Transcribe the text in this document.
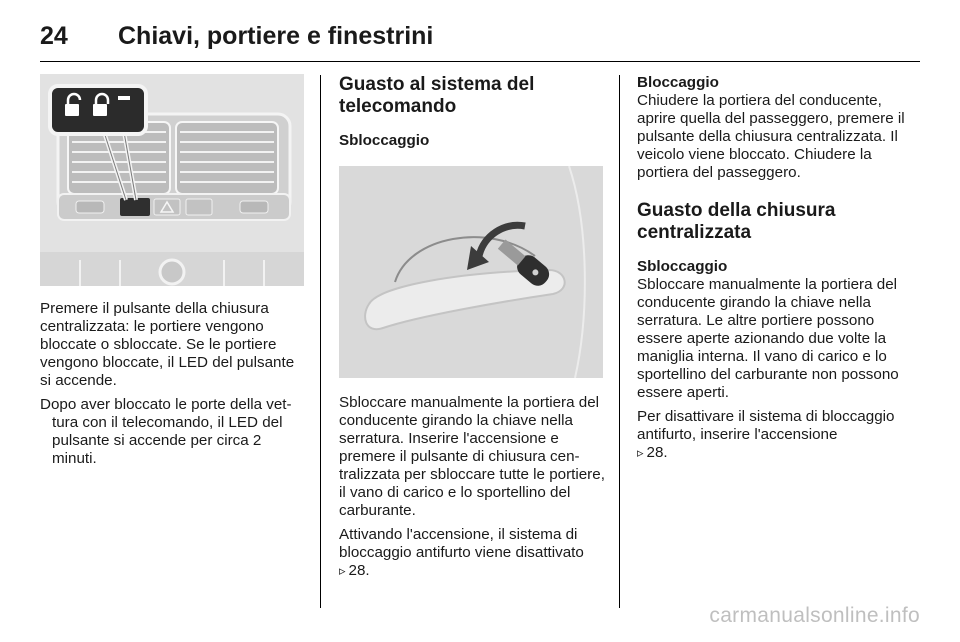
24	Chiavi, portiere e finestrini

Premere il pulsante della chiusura centralizzata: le portiere vengono bloccate o sbloccate. Se le portiere vengono bloccate, il LED del pulsante si accende.

Dopo aver bloccato le porte della vettura con il telecomando, il LED del pulsante si accende per circa 2 minuti.

Guasto al sistema del telecomando

Sbloccaggio

Sbloccare manualmente la portiera del conducente girando la chiave nella serratura. Inserire l'accensione e premere il pulsante di chiusura centralizzata per sbloccare tutte le portiere, il vano di carico e lo sportellino del carburante.

Attivando l'accensione, il sistema di bloccaggio antifurto viene disattivato
▹ 28.

Bloccaggio

Chiudere la portiera del conducente, aprire quella del passeggero, premere il pulsante della chiusura centralizzata. Il veicolo viene bloccato. Chiudere la portiera del passeggero.

Guasto della chiusura centralizzata

Sbloccaggio

Sbloccare manualmente la portiera del conducente girando la chiave nella serratura. Le altre portiere possono essere aperte azionando due volte la maniglia interna. Il vano di carico e lo sportellino del carburante non possono essere aperti.

Per disattivare il sistema di bloccaggio antifurto, inserire l'accensione
▹ 28.

carmanualsonline.info
